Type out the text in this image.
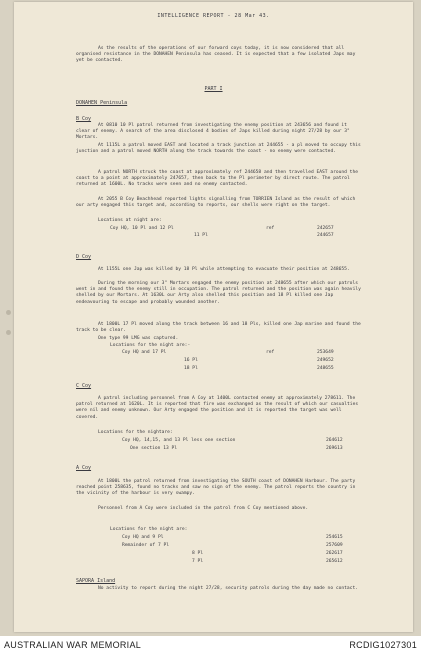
INTELLIGENCE REPORT - 28 Mar 43.
As the results of the operations of our forward coys today, it is now considered that all organised resistance in the DONAHEN Peninsula has ceased. It is expected that a few isolated Japs may yet be contacted.
PART I
DONAHEN Peninsula
B Coy
At 0810 10 Pl patrol returned from investigating the enemy position at 243656 and found it clear of enemy. A search of the area disclosed 4 bodies of Japs killed during night 27/28 by our 3" Mortars.
At 1115L a patrol moved EAST and located a track junction at 244655 - a pl moved to occupy this junction and a patrol moved NORTH along the track towards the coast - no enemy were contacted.
A patrol NORTH struck the coast at approximately ref 244658 and then travelled EAST around the coast to a point at approximately 247657, then back to the Pl perimeter by direct route. The patrol returned at 1600L. No tracks were seen and no enemy contacted.
At 2055 B Coy Beachhead reported lights signalling from TORRIEN Island as the result of which our arty engaged this target and, according to reports, our shells were right on the target.
Locations at night are:
Coy HQ, 10 Pl and 12 Pl	ref	242657
11 Pl	244657
D Coy
At 1155L one Jap was killed by 18 Pl while attempting to evacuate their position at 248655.
During the morning our 3" Mortars engaged the enemy position at 248655 after which our patrols went in and found the enemy still in occupation. The patrol returned and the position was again heavily shelled by our Mortars. At 1630L our Arty also shelled this position and 18 Pl killed one Jap endeavouring to escape and probably wounded another.
At 1800L 17 Pl moved along the track between 16 and 18 Pls, killed one Jap marine and found the track to be clear.
One type 99 LMG was captured.
Locations for the night are:-
Coy HQ and 17 Pl	ref	253649
16 Pl	249652
18 Pl	248655
C Coy
A patrol including personnel from A Coy at 1400L contacted enemy at approximately 278611. The patrol returned at 1620L. It is reported that fire was exchanged as the result of which our casualties were nil and enemy unknown. Our Arty engaged the position and it is reported the target was well covered.
Locations for the nightare:
Coy HQ, 14,15, and 13 Pl less one section	264612
One section 13 Pl	269613
A Coy
At 1800L the patrol returned from investigating the SOUTH coast of DONAHEN Harbour. The party reached point 258635, found no tracks and saw no sign of the enemy. The patrol reports the country in the vicinity of the harbour is very swampy.
Personnel from A Coy were included in the patrol from C Coy mentioned above.
Locations for the night are:
Coy HQ and 9 Pl	254615
Remainder of 7 Pl	257609
8 Pl	262617
7 Pl	265612
SAPORA Island
No activity to report during the night 27/28, security patrols during the day made no contact.
AUSTRALIAN WAR MEMORIAL	RCDIG1027301
